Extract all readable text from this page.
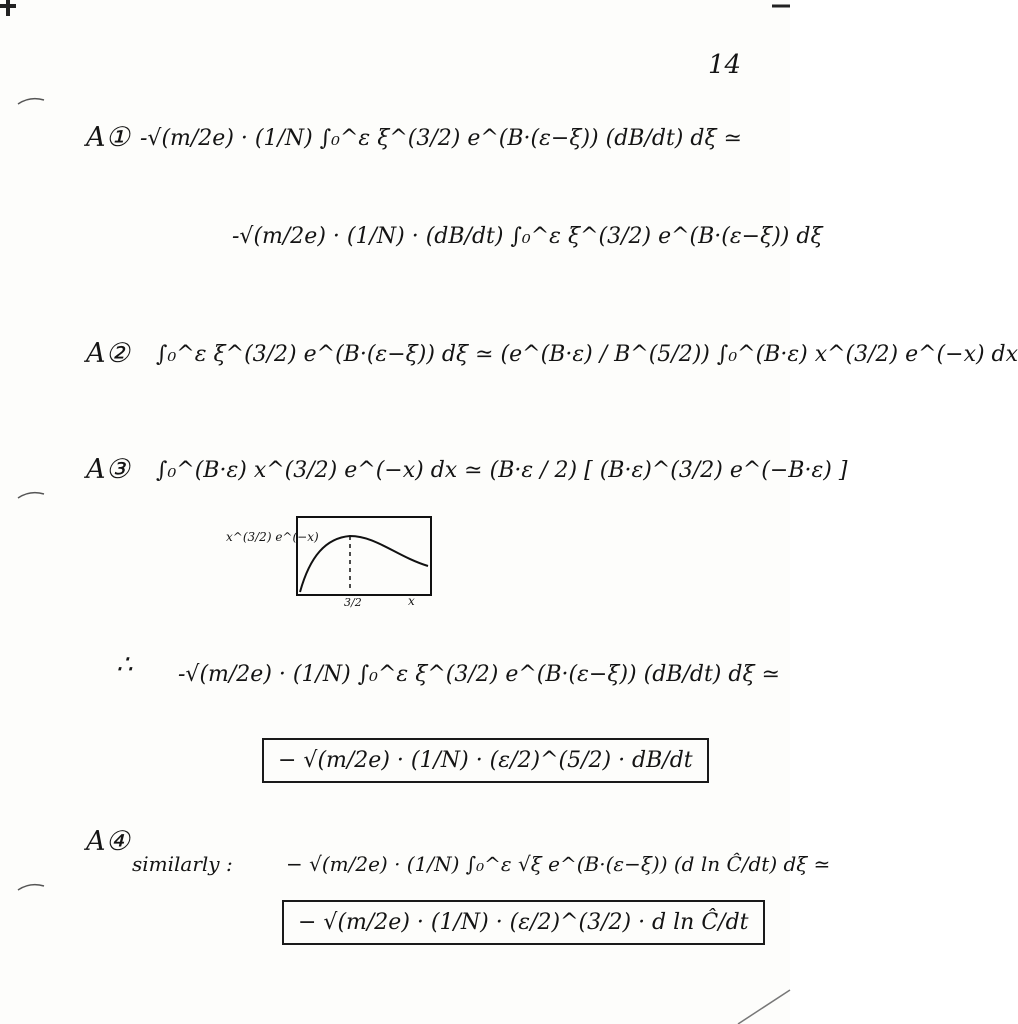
14
A① -√(m/2e) · (1/N) ∫₀^ε ξ^(3/2) e^(B·(ε−ξ)) (dB/dt) dξ ≃
-√(m/2e) · (1/N) · (dB/dt) ∫₀^ε ξ^(3/2) e^(B·(ε−ξ)) dξ
A② ∫₀^ε ξ^(3/2) e^(B·(ε−ξ)) dξ ≃ (e^(B·ε) / B^(5/2)) ∫₀^(B·ε) x^(3/2) e^(−x) dx
A③ ∫₀^(B·ε) x^(3/2) e^(−x) dx ≃ (B·ε / 2) [ (B·ε)^(3/2) e^(−B·ε) ]
x^(3/2) e^(−x)
3/2	x
∴ -√(m/2e) · (1/N) ∫₀^ε ξ^(3/2) e^(B·(ε−ξ)) (dB/dt) dξ ≃
− √(m/2e) · (1/N) · (ε/2)^(5/2) · dB/dt
A④
similarly :	− √(m/2e) · (1/N) ∫₀^ε √ξ e^(B·(ε−ξ)) (d ln Ĉ/dt) dξ ≃
− √(m/2e) · (1/N) · (ε/2)^(3/2) · d ln Ĉ/dt
